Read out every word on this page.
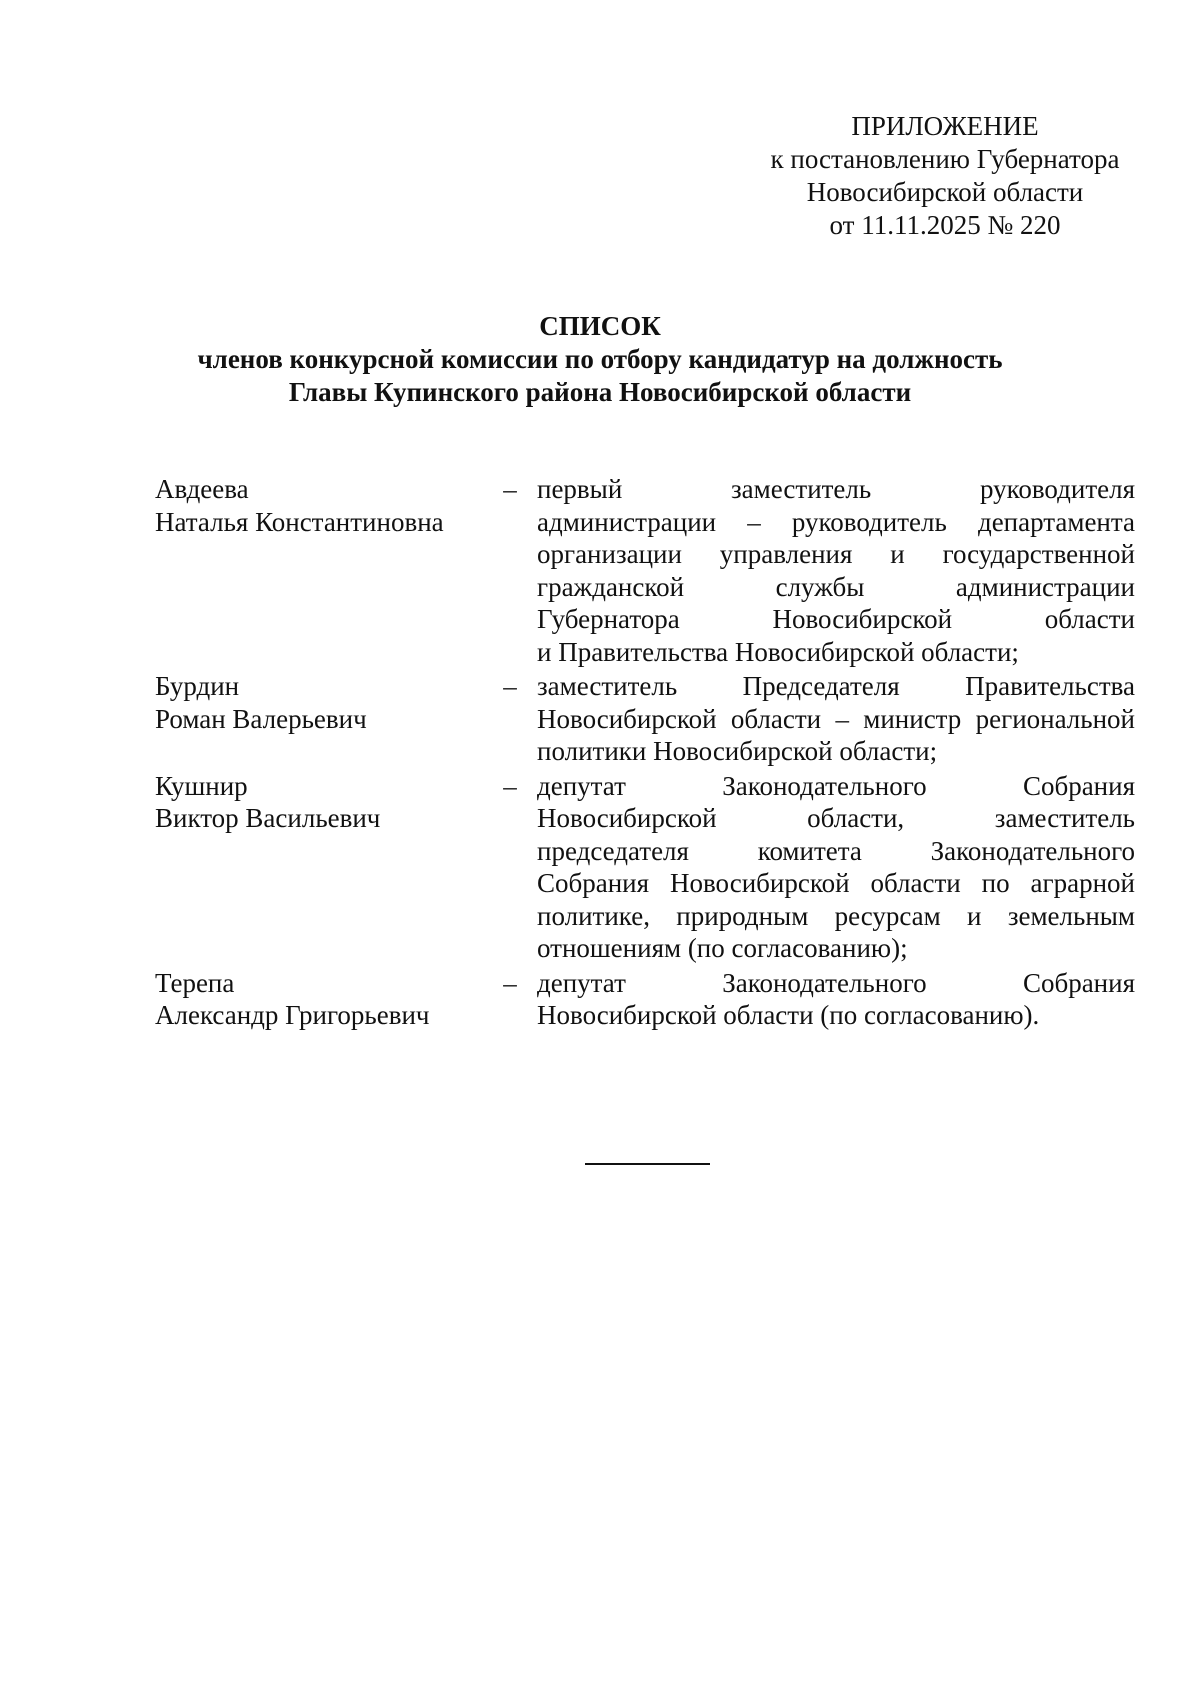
ПРИЛОЖЕНИЕ
к постановлению Губернатора
Новосибирской области
от 11.11.2025 № 220
СПИСОК
членов конкурсной комиссии по отбору кандидатур на должность
Главы Купинского района Новосибирской области
Авдеева
Наталья Константиновна
– первый заместитель руководителя
администрации – руководитель департамента
организации управления и государственной
гражданской службы администрации
Губернатора Новосибирской области
и Правительства Новосибирской области;
Бурдин
Роман Валерьевич
– заместитель Председателя Правительства
Новосибирской области – министр региональной
политики Новосибирской области;
Кушнир
Виктор Васильевич
– депутат Законодательного Собрания
Новосибирской области, заместитель
председателя комитета Законодательного
Собрания Новосибирской области по аграрной
политике, природным ресурсам и земельным
отношениям (по согласованию);
Терепа
Александр Григорьевич
– депутат Законодательного Собрания
Новосибирской области (по согласованию).
